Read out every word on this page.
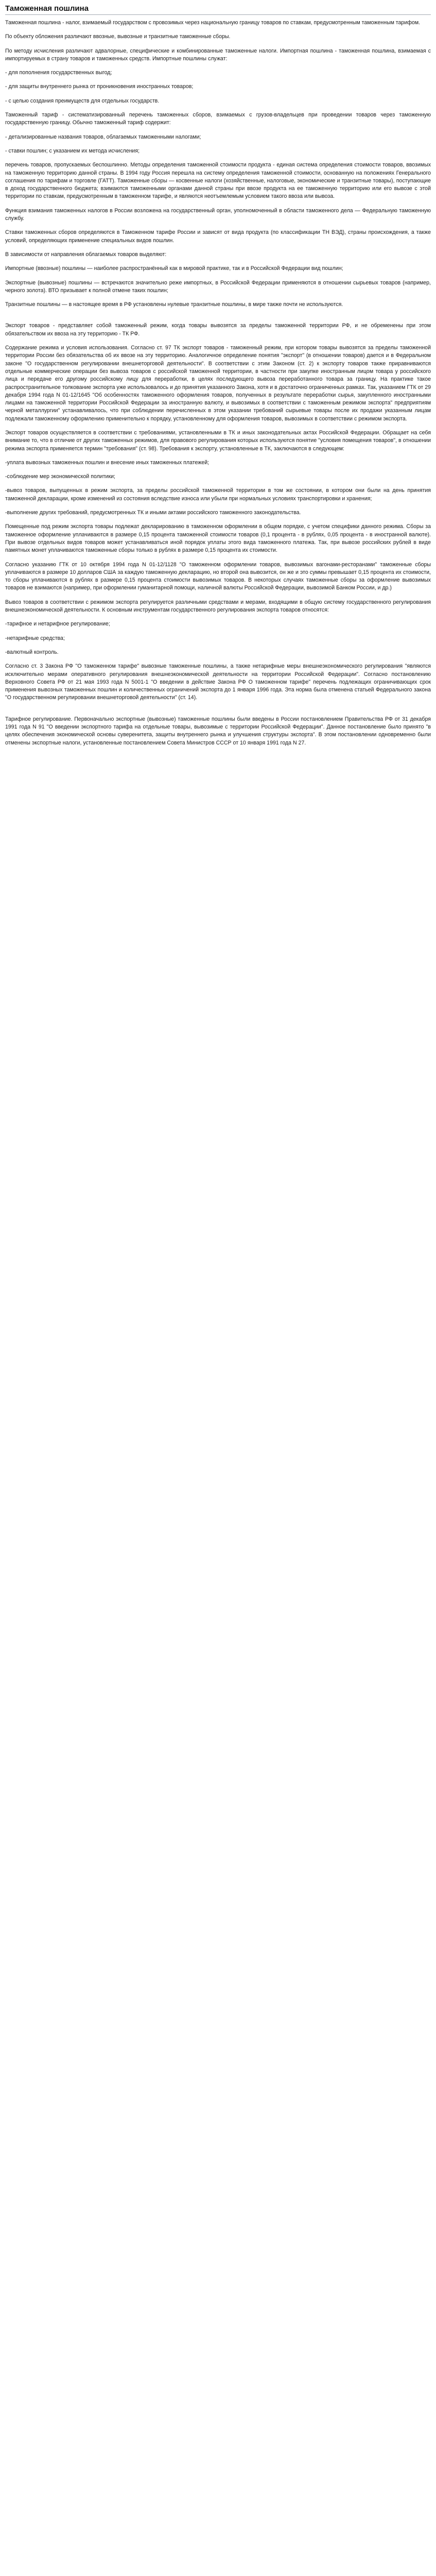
Таможенная пошлина

Таможенная пошлина - налог, взимаемый государством с провозимых через национальную границу товаров по ставкам, предусмотренным таможенным тарифом.

По объекту обложения различают ввозные, вывозные и транзитные таможенные сборы.

По методу исчисления различают адвалорные, специфические и комбинированные таможенные налоги. Импортная пошлина - таможенная пошлина, взимаемая с импортируемых в страну товаров и таможенных средств. Импортные пошлины служат:

- для пополнения государственных выгод;

- для защиты внутреннего рынка от проникновения иностранных товаров;

- с целью создания преимуществ для отдельных государств.

Таможенный тариф - систематизированный перечень таможенных сборов, взимаемых с грузов-владельцев при проведении товаров через таможенную государственную границу. Обычно таможенный тариф содержит:

- детализированные названия товаров, облагаемых таможенными налогами;

- ставки пошлин; с указанием их метода исчисления;

перечень товаров, пропускаемых беспошлинно. Методы определения таможенной стоимости продукта - единая система определения стоимости товаров, ввозимых на таможенную территорию данной страны. В 1994 году Россия перешла на систему определения таможенной стоимости, основанную на положениях Генерального соглашения по тарифам и торговле (ГАТТ). Таможенные сборы — косвенные налоги (хозяйственные, налоговые, экономические и транзитные товары), поступающие в доход государственного бюджета; взимаются таможенными органами данной страны при ввозе продукта на ее таможенную территорию или его вывозе с этой территории по ставкам, предусмотренным в таможенном тарифе, и являются неотъемлемым условием такого ввоза или вывоза.

Функция взимания таможенных налогов в России возложена на государственный орган, уполномоченный в области таможенного дела — Федеральную таможенную службу.

Ставки таможенных сборов определяются в Таможенном тарифе России и зависят от вида продукта (по классификации ТН ВЭД), страны происхождения, а также условий, определяющих применение специальных видов пошлин.

В зависимости от направления облагаемых товаров выделяют:

Импортные (ввозные) пошлины — наиболее распространённый как в мировой практике, так и в Российской Федерации вид пошлин;

Экспортные (вывозные) пошлины — встречаются значительно реже импортных, в Российской Федерации применяются в отношении сырьевых товаров (например, черного золота). ВТО призывает к полной отмене таких пошлин;

Транзитные пошлины — в настоящее время в РФ установлены нулевые транзитные пошлины, в мире также почти не используются.

Экспорт товаров - представляет собой таможенный режим, когда товары вывозятся за пределы таможенной территории РФ, и не обременены при этом обязательством их ввоза на эту территорию - ТК РФ.

Содержание режима и условия использования. Согласно ст. 97 ТК экспорт товаров - таможенный режим, при котором товары вывозятся за пределы таможенной территории России без обязательства об их ввозе на эту территорию. Аналогичное определение понятия "экспорт" (в отношении товаров) дается и в Федеральном законе "О государственном регулировании внешнеторговой деятельности". В соответствии с этим Законом (ст. 2) к экспорту товаров также приравниваются отдельные коммерческие операции без вывоза товаров с российской таможенной территории, в частности при закупке иностранным лицом товара у российского лица и передаче его другому российскому лицу для переработки, в целях последующего вывоза переработанного товара за границу. На практике такое распространительное толкование экспорта уже использовалось и до принятия указанного Закона, хотя и в достаточно ограниченных рамках. Так, указанием ГТК от 29 декабря 1994 года N 01-12/1645 "Об особенностях таможенного оформления товаров, полученных в результате переработки сырья, закупленного иностранными лицами на таможенной территории Российской Федерации за иностранную валюту, и вывозимых в соответствии с таможенным режимом экспорта" предприятиям черной металлургии" устанавливалось, что при соблюдении перечисленных в этом указании требований сырьевые товары после их продажи указанным лицам подлежали таможенному оформлению применительно к порядку, установленному для оформления товаров, вывозимых в соответствии с режимом экспорта.

Экспорт товаров осуществляется в соответствии с требованиями, установленными в ТК и иных законодательных актах Российской Федерации. Обращает на себя внимание то, что в отличие от других таможенных режимов, для правового регулирования которых используются понятие "условия помещения товаров", в отношении режима экспорта применяется термин "требования" (ст. 98). Требования к экспорту, установленные в ТК, заключаются в следующем:

-уплата вывозных таможенных пошлин и внесение иных таможенных платежей;

-соблюдение мер экономической политики;

-вывоз товаров, выпущенных в режим экспорта, за пределы российской таможенной территории в том же состоянии, в котором они были на день принятия таможенной декларации, кроме изменений из состояния вследствие износа или убыли при нормальных условиях транспортировки и хранения;

-выполнение других требований, предусмотренных ТК и иными актами российского таможенного законодательства.

Помещенные под режим экспорта товары подлежат декларированию в таможенном оформлении в общем порядке, с учетом специфики данного режима. Сборы за таможенное оформление уплачиваются в размере 0,15 процента таможенной стоимости товаров (0,1 процента - в рублях, 0,05 процента - в иностранной валюте). При вывозе отдельных видов товаров может устанавливаться иной порядок уплаты этого вида таможенного платежа. Так, при вывозе российских рублей в виде памятных монет уплачиваются таможенные сборы только в рублях в размере 0,15 процента их стоимости.

Согласно указанию ГТК от 10 октября 1994 года N 01-12/1128 "О таможенном оформлении товаров, вывозимых вагонами-рестoранами" таможенные сборы уплачиваются в размере 10 долларов США за каждую таможенную декларацию, но второй она вывозится, он же и это суммы превышает 0,15 процента их стоимости, то сборы уплачиваются в рублях в размере 0,15 процента стоимости вывозимых товаров. В некоторых случаях таможенные сборы за оформление вывозимых товаров не взимаются (например, при оформлении гуманитарной помощи, наличной валюты Российской Федерации, вывозимой Банком России, и др.)

Вывоз товаров в соответствии с режимом экспорта регулируется различными средствами и мерами, входящими в общую систему государственного регулирования внешнеэкономической деятельности. К основным инструментам государственного регулирования экспорта товаров относятся:

-тарифное и нетарифное регулирование;

-нетарифные средства;

-валютный контроль.

Согласно ст. 3 Закона РФ "О таможенном тарифе" вывозные таможенные пошлины, а также нетарифные меры внешнеэкономического регулирования "являются исключительно мерами оперативного регулирования внешнеэкономической деятельности на территории Российской Федерации". Согласно постановлению Верховного Совета РФ от 21 мая 1993 года N 5001-1 "О введении в действие Закона РФ О таможенном тарифе" перечень подлежащих ограничивающих срок применения вывозных таможенных пошлин и количественных ограничений экспорта до 1 января 1996 года. Эта норма была отменена статьей Федерального закона "О государственном регулировании внешнеторговой деятельности" (ст. 14).

Тарифное регулирование. Первоначально экспортные (вывозные) таможенные пошлины были введены в России постановлением Правительства РФ от 31 декабря 1991 года N 91 "О введении экспортного тарифа на отдельные товары, вывозимые с территории Российской Федерации". Данное постановление было принято "в целях обеспечения экономической основы суверенитета, защиты внутреннего рынка и улучшения структуры экспорта". В этом постановлении одновременно были отменены экспортные налоги, установленные постановлением Совета Министров СССР от 10 января 1991 года N 27.
